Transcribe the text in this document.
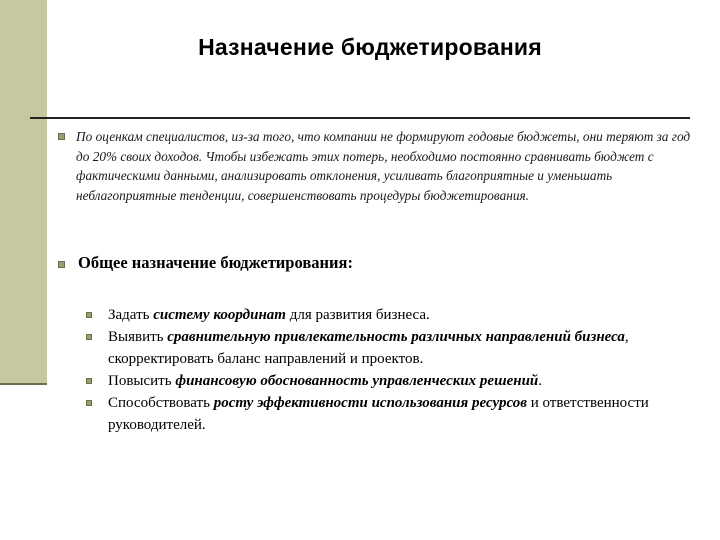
Назначение бюджетирования
По оценкам специалистов, из-за того, что компании не формируют годовые бюджеты, они теряют за год до 20% своих доходов. Чтобы избежать этих потерь, необходимо постоянно сравнивать бюджет с фактическими данными, анализировать отклонения, усиливать благоприятные и уменьшать неблагоприятные тенденции, совершенствовать процедуры бюджетирования.
Общее назначение бюджетирования:
Задать систему координат для развития бизнеса.
Выявить сравнительную привлекательность различных направлений бизнеса, скорректировать баланс направлений и проектов.
Повысить финансовую обоснованность управленческих решений.
Способствовать росту эффективности использования ресурсов и ответственности руководителей.
